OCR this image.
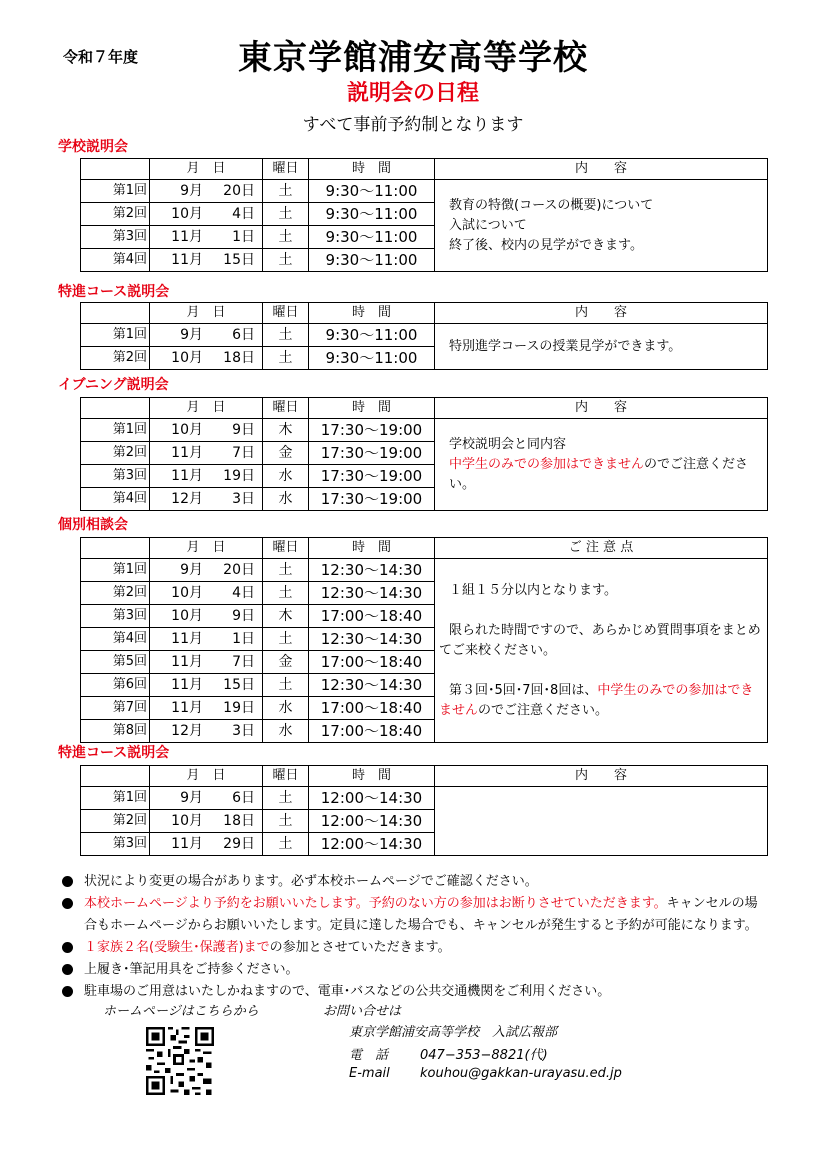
令和７年度	東京学館浦安高等学校
説明会の日程
すべて事前予約制となります
学校説明会
	月　日	曜日	時　間	内　　容
第1回	9月 20日	土	9:30～11:00	教育の特徴(コースの概要)について

入試について

終了後、校内の見学ができます。

第2回	10月 4日	土	9:30～11:00	
第3回	11月 1日	土	9:30～11:00	
第4回	11月 15日	土	9:30～11:00	
特進コース説明会
	月　日	曜日	時　間	内　　容
第1回	9月 6日	土	9:30～11:00	特別進学コースの授業見学ができます。

第2回	10月 18日	土	9:30～11:00	
イブニング説明会
	月　日	曜日	時　間	内　　容
第1回	10月 9日	木	17:30～19:00	学校説明会と同内容

中学生のみでの参加はできませんのでご注意ください。

第2回	11月 7日	金	17:30～19:00	
第3回	11月 19日	水	17:30～19:00	
第4回	12月 3日	水	17:30～19:00	
個別相談会
	月　日	曜日	時　間	ご 注 意 点
第1回	9月 20日	土	12:30～14:30	１組１５分以内となります。

限られた時間ですので、あらかじめ質問事項をまとめてご来校ください。

第３回･5回･7回･8回は、中学生のみでの参加はできませんのでご注意ください。

第2回	10月 4日	土	12:30～14:30	
第3回	10月 9日	木	17:00～18:40	
第4回	11月 1日	土	12:30～14:30	
第5回	11月 7日	金	17:00～18:40	
第6回	11月 15日	土	12:30～14:30	
第7回	11月 19日	水	17:00～18:40	
第8回	12月 3日	水	17:00～18:40	
特進コース説明会
	月　日	曜日	時　間	内　　容
第1回	9月 6日	土	12:00～14:30	
第2回	10月 18日	土	12:00～14:30	
第3回	11月 29日	土	12:00～14:30	
状況により変更の場合があります。必ず本校ホームページでご確認ください。
本校ホームページより予約をお願いいたします。予約のない方の参加はお断りさせていただきます。キャンセルの場
合もホームページからお願いいたします。定員に達した場合でも、キャンセルが発生すると予約が可能になります。
１家族２名(受験生･保護者)までの参加とさせていただきます。
上履き･筆記用具をご持参ください。
駐車場のご用意はいたしかねますので、電車･バスなどの公共交通機関をご利用ください。
ホームページはこちらから	お問い合せは
東京学館浦安高等学校　入試広報部
電　話 047−353−8821(代)
E-mail kouhou@gakkan-urayasu.ed.jp
